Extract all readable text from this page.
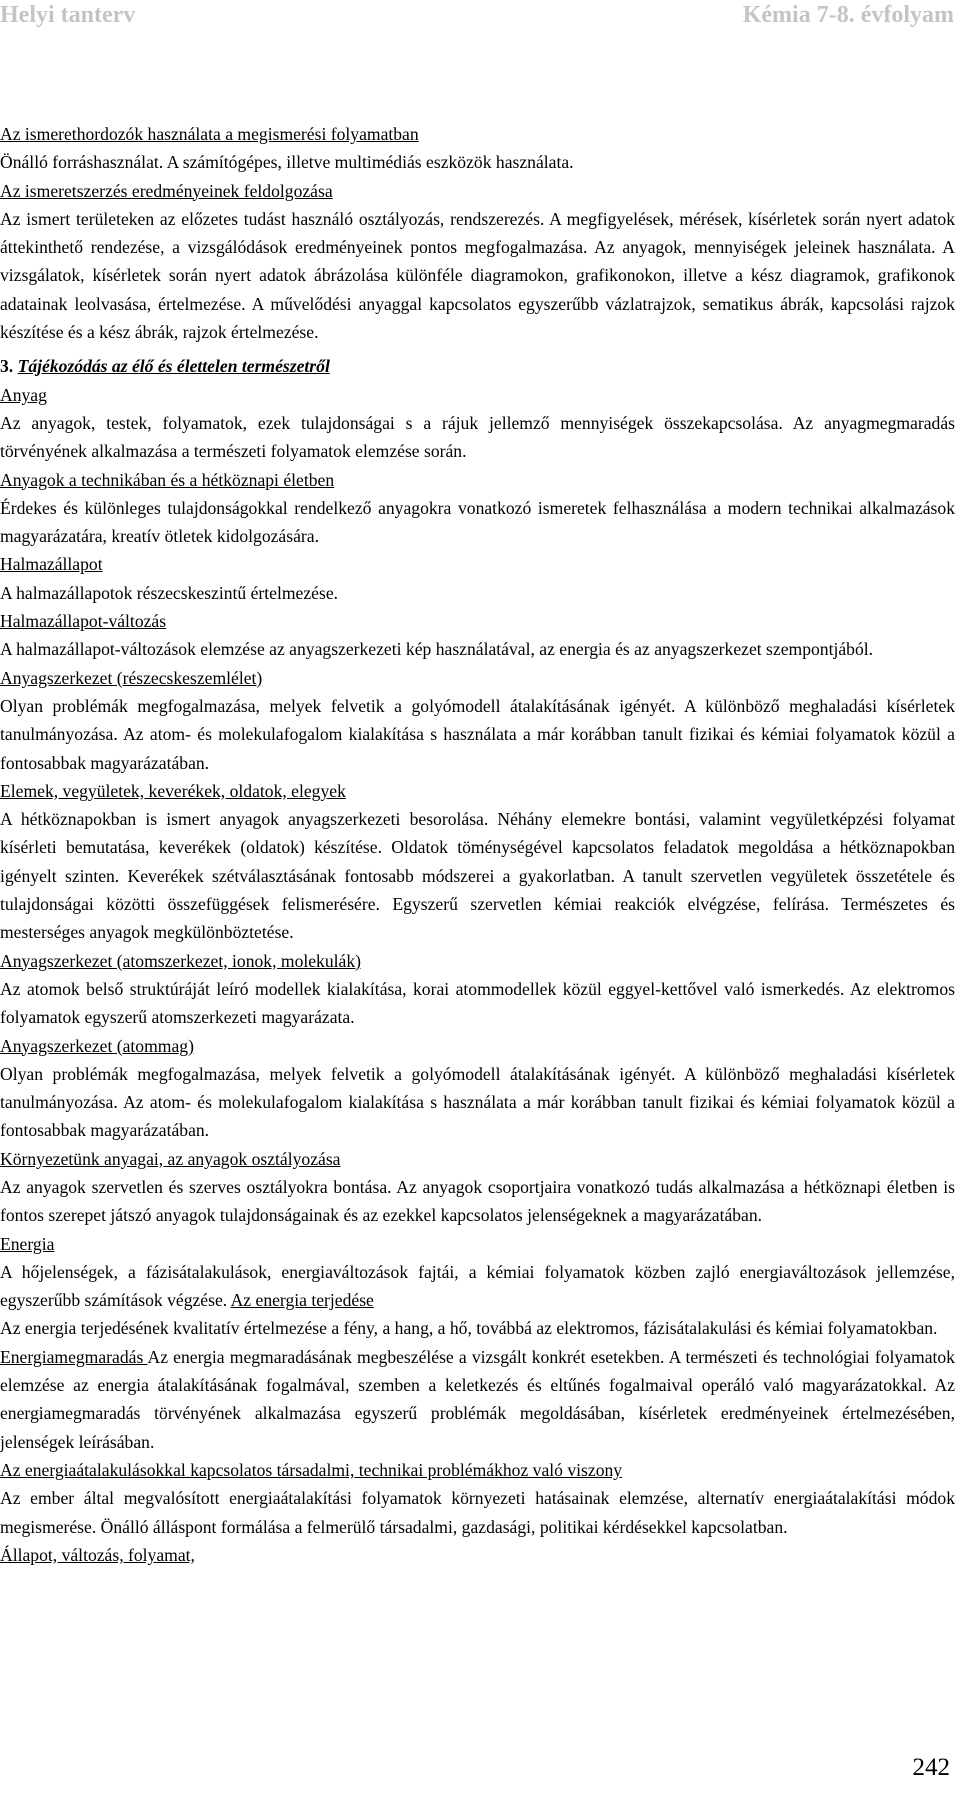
Helyi tanterv	Kémia 7-8. évfolyam

Az ismerethordozók használata a megismerési folyamatban

Önálló forráshasználat. A számítógépes, illetve multimédiás eszközök használata.

Az ismeretszerzés eredményeinek feldolgozása

Az ismert területeken az előzetes tudást használó osztályozás, rendszerezés. A megfigyelések, mérések, kísérletek során nyert adatok áttekinthető rendezése, a vizsgálódások eredményeinek pontos megfogalmazása. Az anyagok, mennyiségek jeleinek használata. A vizsgálatok, kísérletek során nyert adatok ábrázolása különféle diagramokon, grafikonokon, illetve a kész diagramok, grafikonok adatainak leolvasása, értelmezése. A művelődési anyaggal kapcsolatos egyszerűbb vázlatrajzok, sematikus ábrák, kapcsolási rajzok készítése és a kész ábrák, rajzok értelmezése.

3. Tájékozódás az élő és élettelen természetről

Anyag

Az anyagok, testek, folyamatok, ezek tulajdonságai s a rájuk jellemző mennyiségek összekapcsolása. Az anyagmegmaradás törvényének alkalmazása a természeti folyamatok elemzése során.

Anyagok a technikában és a hétköznapi életben

Érdekes és különleges tulajdonságokkal rendelkező anyagokra vonatkozó ismeretek felhasználása a modern technikai alkalmazások magyarázatára, kreatív ötletek kidolgozására.

Halmazállapot

A halmazállapotok részecskeszintű értelmezése.

Halmazállapot-változás

A halmazállapot-változások elemzése az anyagszerkezeti kép használatával, az energia és az anyagszerkezet szempontjából.

Anyagszerkezet (részecskeszemlélet)

Olyan problémák megfogalmazása, melyek felvetik a golyómodell átalakításának igényét. A különböző meghaladási kísérletek tanulmányozása. Az atom- és molekulafogalom kialakítása s használata a már korábban tanult fizikai és kémiai folyamatok közül a fontosabbak magyarázatában.

Elemek, vegyületek, keverékek, oldatok, elegyek

A hétköznapokban is ismert anyagok anyagszerkezeti besorolása. Néhány elemekre bontási, valamint vegyületképzési folyamat kísérleti bemutatása, keverékek (oldatok) készítése. Oldatok töménységével kapcsolatos feladatok megoldása a hétköznapokban igényelt szinten. Keverékek szétválasztásának fontosabb módszerei a gyakorlatban. A tanult szervetlen vegyületek összetétele és tulajdonságai közötti összefüggések felismerésére. Egyszerű szervetlen kémiai reakciók elvégzése, felírása. Természetes és mesterséges anyagok megkülönböztetése.

Anyagszerkezet (atomszerkezet, ionok, molekulák)

Az atomok belső struktúráját leíró modellek kialakítása, korai atommodellek közül eggyel-kettővel való ismerkedés. Az elektromos folyamatok egyszerű atomszerkezeti magyarázata.

Anyagszerkezet (atommag)

Olyan problémák megfogalmazása, melyek felvetik a golyómodell átalakításának igényét. A különböző meghaladási kísérletek tanulmányozása. Az atom- és molekulafogalom kialakítása s használata a már korábban tanult fizikai és kémiai folyamatok közül a fontosabbak magyarázatában.

Környezetünk anyagai, az anyagok osztályozása

Az anyagok szervetlen és szerves osztályokra bontása. Az anyagok csoportjaira vonatkozó tudás alkalmazása a hétköznapi életben is fontos szerepet játszó anyagok tulajdonságainak és az ezekkel kapcsolatos jelenségeknek a magyarázatában.

Energia

A hőjelenségek, a fázisátalakulások, energiaváltozások fajtái, a kémiai folyamatok közben zajló energiaváltozások jellemzése, egyszerűbb számítások végzése. Az energia terjedése

Az energia terjedésének kvalitatív értelmezése a fény, a hang, a hő, továbbá az elektromos, fázisátalakulási és kémiai folyamatokban.

Energiamegmaradás Az energia megmaradásának megbeszélése a vizsgált konkrét esetekben. A természeti és technológiai folyamatok elemzése az energia átalakításának fogalmával, szemben a keletkezés és eltűnés fogalmaival operáló való magyarázatokkal. Az energiamegmaradás törvényének alkalmazása egyszerű problémák megoldásában, kísérletek eredményeinek értelmezésében, jelenségek leírásában.

Az energiaátalakulásokkal kapcsolatos társadalmi, technikai problémákhoz való viszony

Az ember által megvalósított energiaátalakítási folyamatok környezeti hatásainak elemzése, alternatív energiaátalakítási módok megismerése. Önálló álláspont formálása a felmerülő társadalmi, gazdasági, politikai kérdésekkel kapcsolatban.

Állapot, változás, folyamat,

242
